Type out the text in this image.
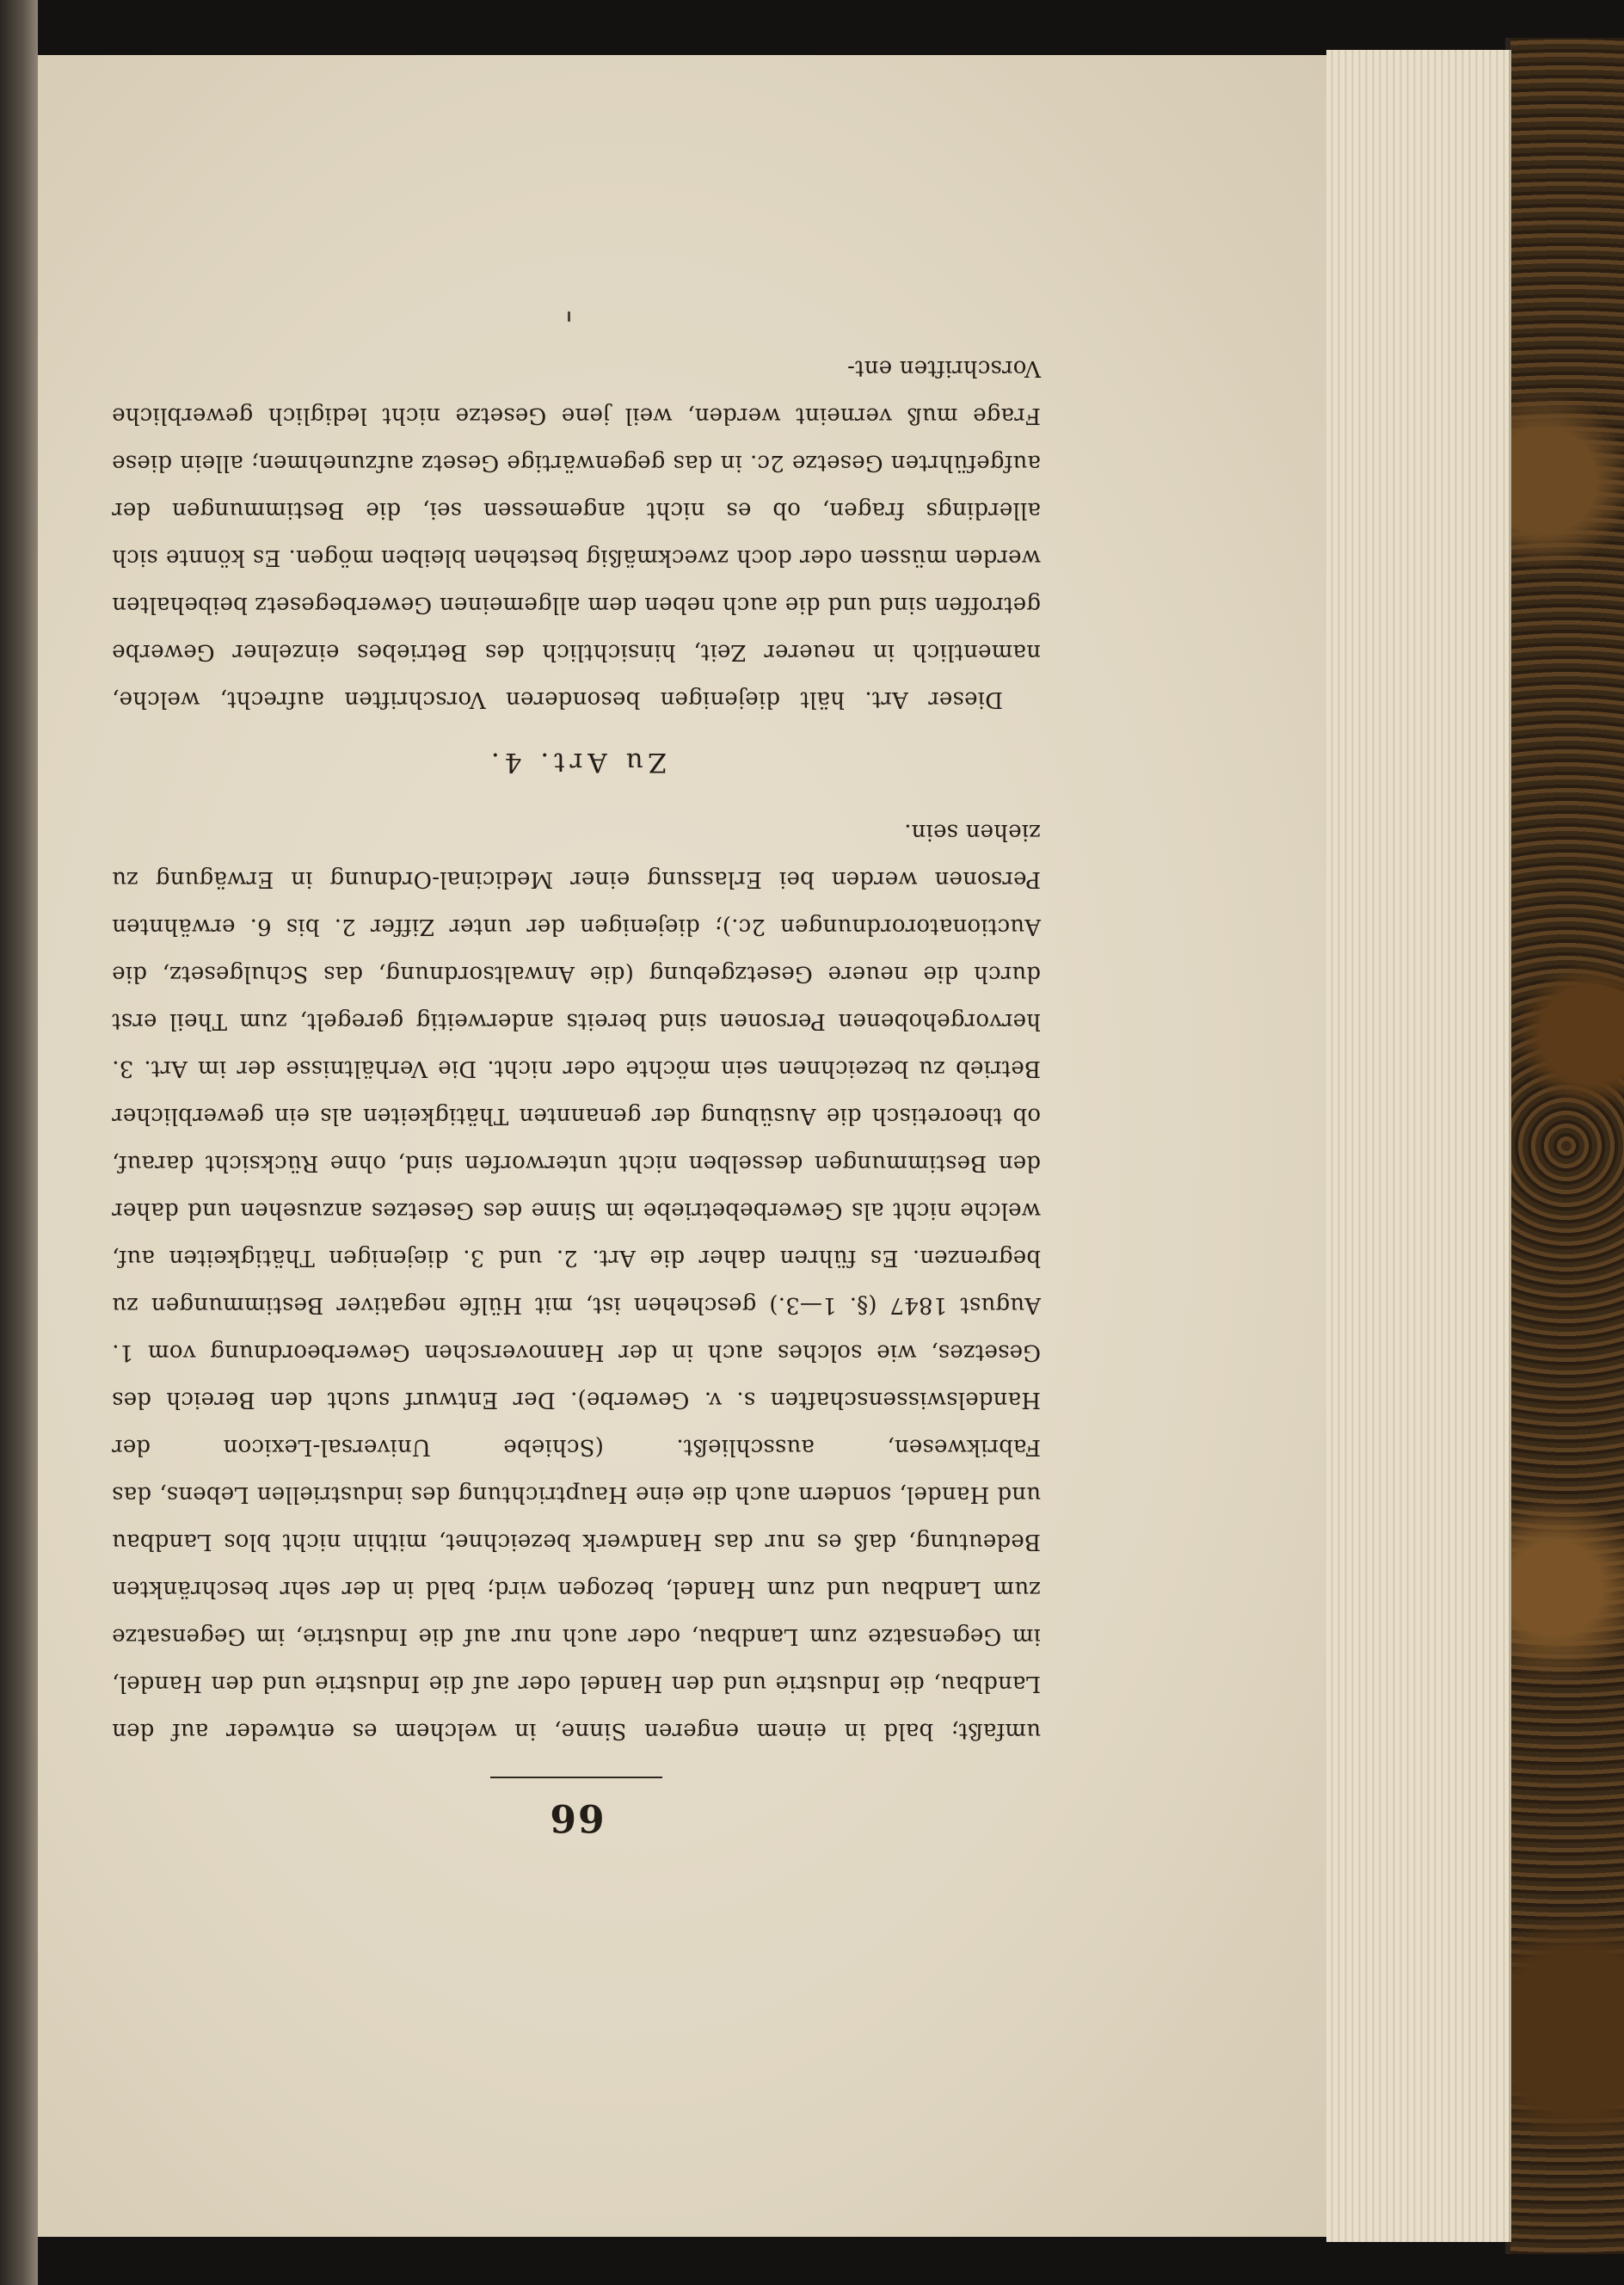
66

umfaßt; bald in einem engeren Sinne, in welchem es entweder auf den Landbau, die Industrie und den Handel oder auf die Industrie und den Handel, im Gegensatze zum Landbau, oder auch nur auf die Industrie, im Gegensatze zum Landbau und zum Handel, bezogen wird; bald in der sehr beschränkten Bedeutung, daß es nur das Handwerk bezeichnet, mithin nicht blos Landbau und Handel, sondern auch die eine Hauptrichtung des industriellen Lebens, das Fabrikwesen, ausschließt. (Schiebe Universal-Lexicon der Handelswissenschaften s. v. Gewerbe). Der Entwurf sucht den Bereich des Gesetzes, wie solches auch in der Hannoverschen Gewerbeordnung vom 1. August 1847 (§. 1—3.) geschehen ist, mit Hülfe negativer Bestimmungen zu begrenzen. Es führen daher die Art. 2. und 3. diejenigen Thätigkeiten auf, welche nicht als Gewerbebetriebe im Sinne des Gesetzes anzusehen und daher den Bestimmungen desselben nicht unterworfen sind, ohne Rücksicht darauf, ob theoretisch die Ausübung der genannten Thätigkeiten als ein gewerblicher Betrieb zu bezeichnen sein möchte oder nicht. Die Verhältnisse der im Art. 3. hervorgehobenen Personen sind bereits anderweitig geregelt, zum Theil erst durch die neuere Gesetzgebung (die Anwaltsordnung, das Schulgesetz, die Auctionatorordnungen 2c.); diejenigen der unter Ziffer 2. bis 6. erwähnten Personen werden bei Erlassung einer Medicinal-Ordnung in Erwägung zu ziehen sein.

Zu Art. 4.

Dieser Art. hält diejenigen besonderen Vorschriften aufrecht, welche, namentlich in neuerer Zeit, hinsichtlich des Betriebes einzelner Gewerbe getroffen sind und die auch neben dem allgemeinen Gewerbegesetz beibehalten werden müssen oder doch zweckmäßig bestehen bleiben mögen. Es könnte sich allerdings fragen, ob es nicht angemessen sei, die Bestimmungen der aufgeführten Gesetze 2c. in das gegenwärtige Gesetz aufzunehmen; allein diese Frage muß verneint werden, weil jene Gesetze nicht lediglich gewerbliche Vorschriften ent-
